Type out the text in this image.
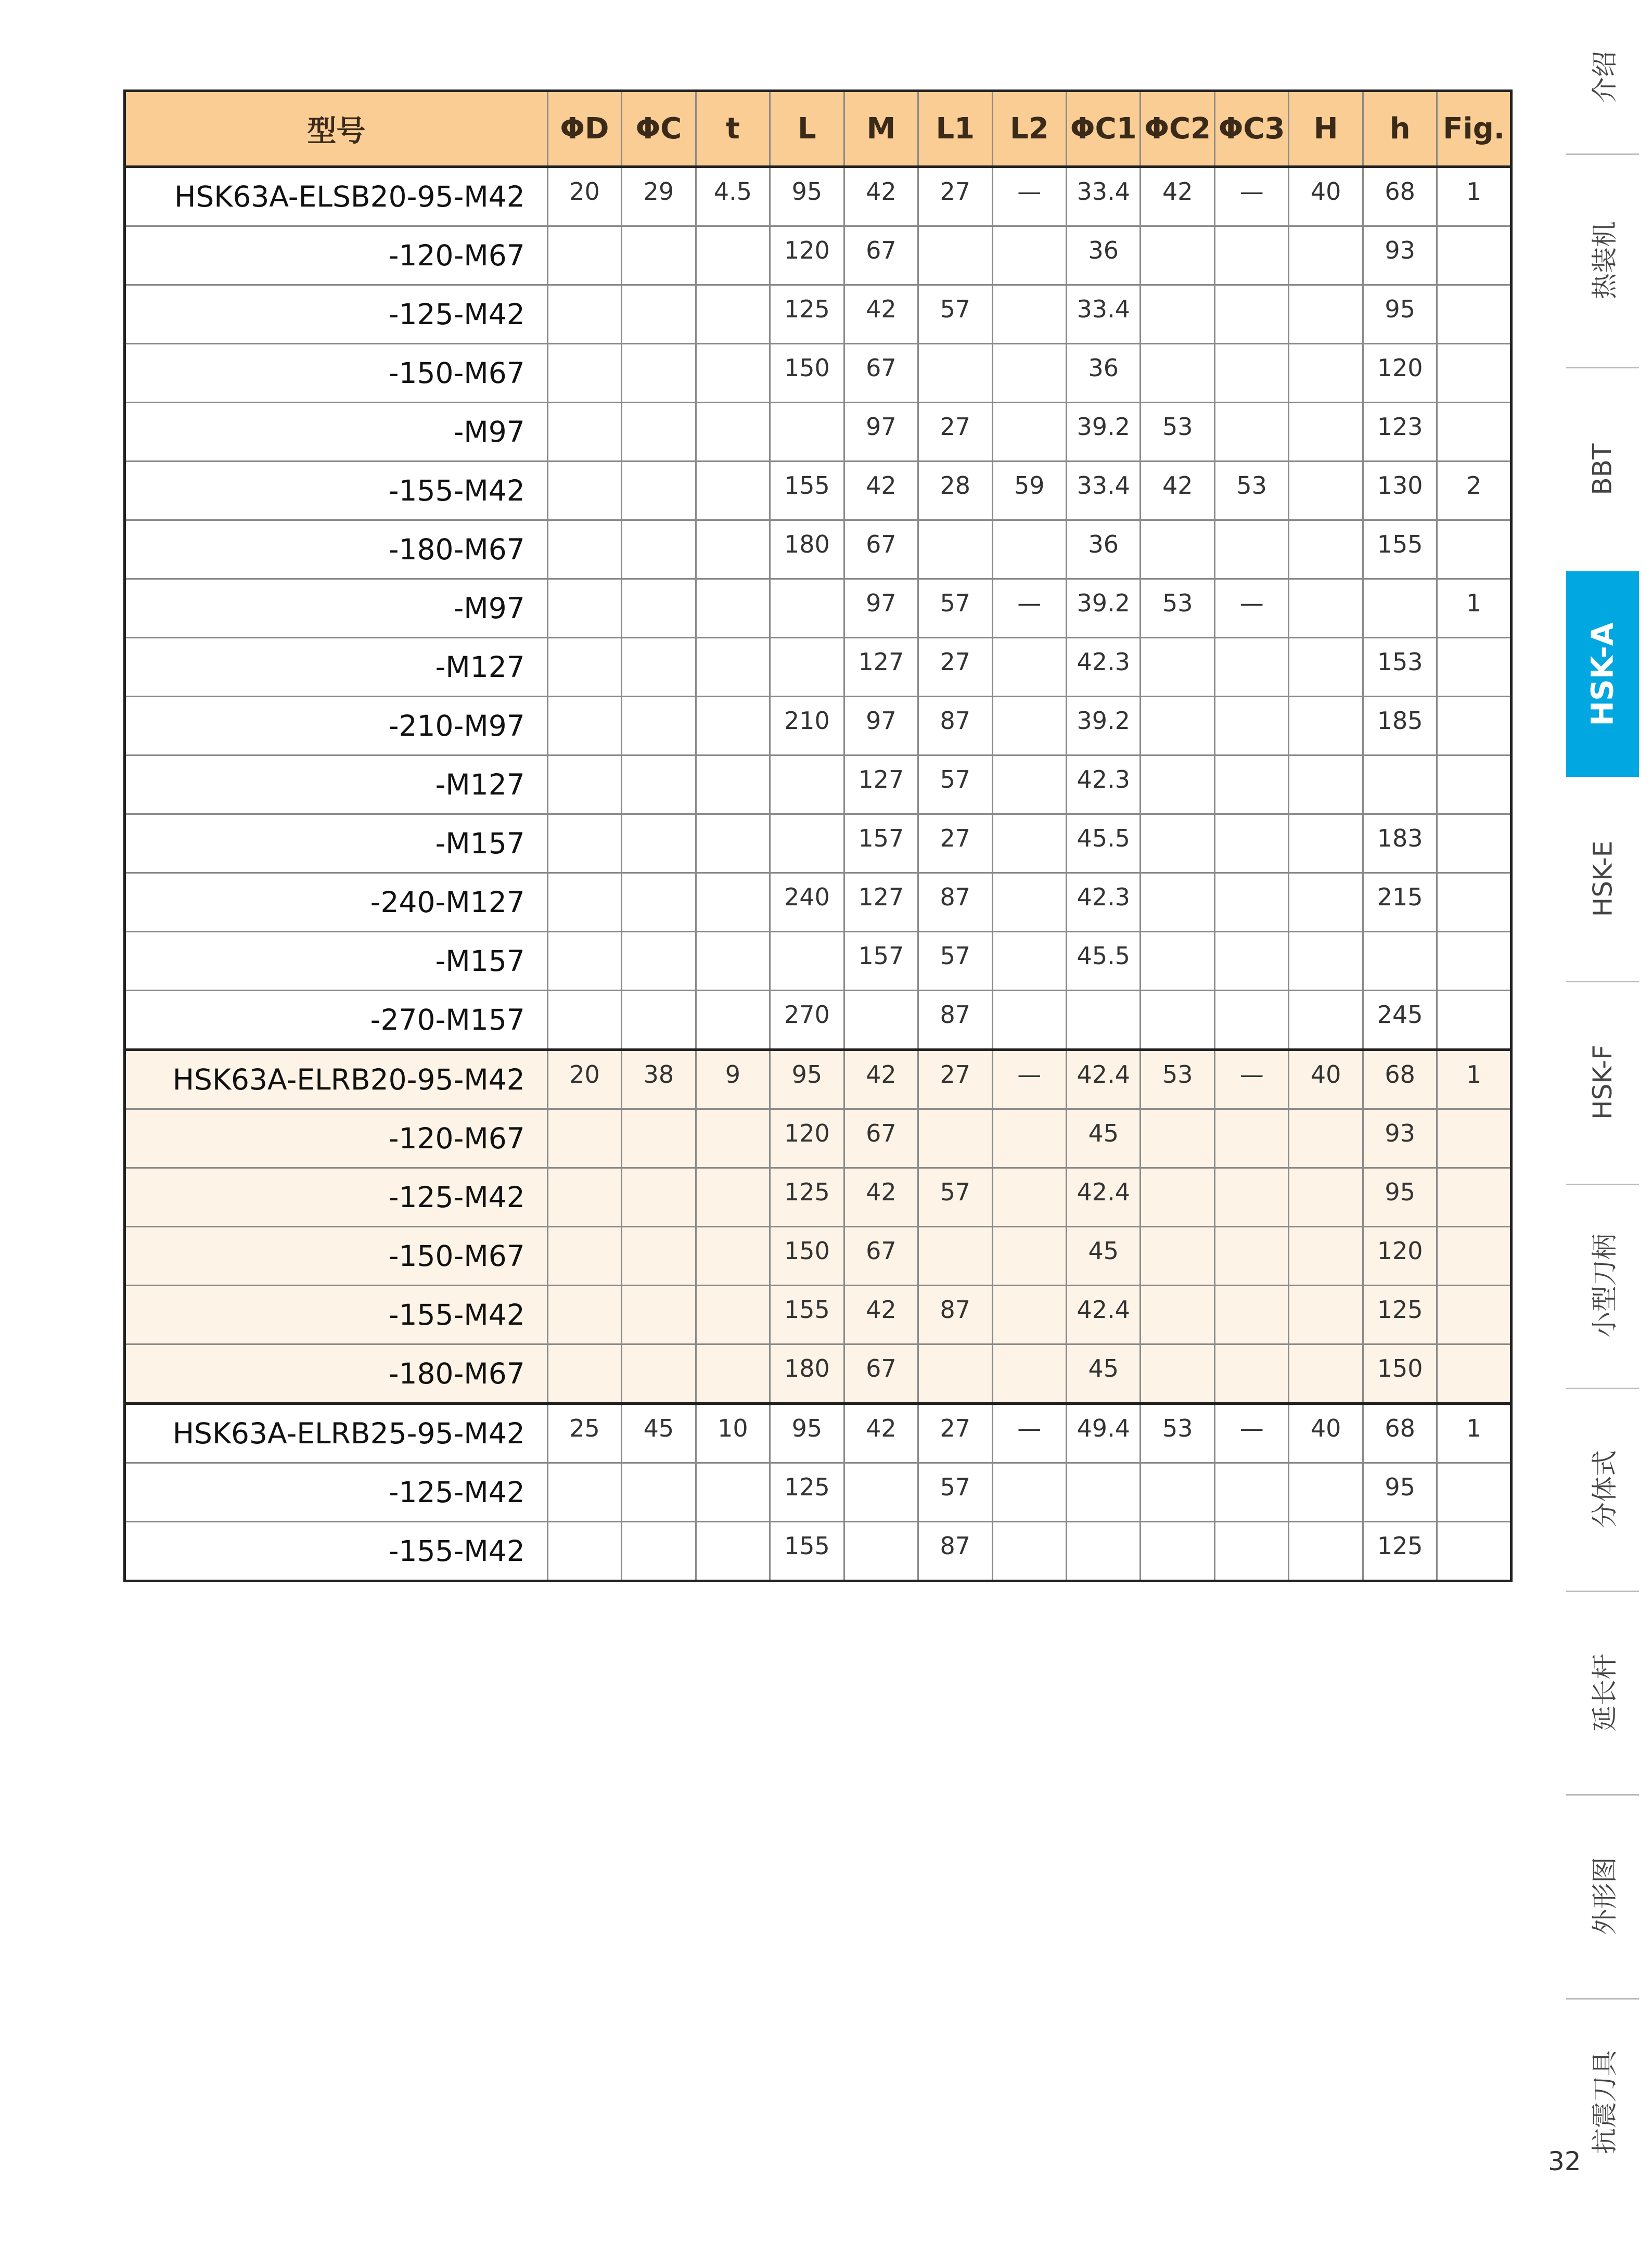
型号	ΦD	ΦC	t	L	M	L1	L2	ΦC1	ΦC2	ΦC3	H	h	Fig.
HSK63A-ELSB20-95-M42	20	29	4.5	95	42	27	—	33.4	42	—	40	68	1
-120-M67				120	67			36				93	
-125-M42				125	42	57		33.4				95	
-150-M67				150	67			36				120	
-M97					97	27		39.2	53			123	
-155-M42				155	42	28	59	33.4	42	53		130	2
-180-M67				180	67			36				155	
-M97					97	57	—	39.2	53	—			1
-M127					127	27		42.3				153	
-210-M97				210	97	87		39.2				185	
-M127					127	57		42.3					
-M157					157	27		45.5				183	
-240-M127				240	127	87		42.3				215	
-M157					157	57		45.5					
-270-M157				270		87						245	
HSK63A-ELRB20-95-M42	20	38	9	95	42	27	—	42.4	53	—	40	68	1
-120-M67				120	67			45				93	
-125-M42				125	42	57		42.4				95	
-150-M67				150	67			45				120	
-155-M42				155	42	87		42.4				125	
-180-M67				180	67			45				150	
HSK63A-ELRB25-95-M42	25	45	10	95	42	27	—	49.4	53	—	40	68	1
-125-M42				125		57						95	
-155-M42				155		87						125	
介绍
热装机
BBT
HSK-A
HSK-E
HSK-F
小型刀柄
分体式
延长杆
外形图
抗震刀具
32
